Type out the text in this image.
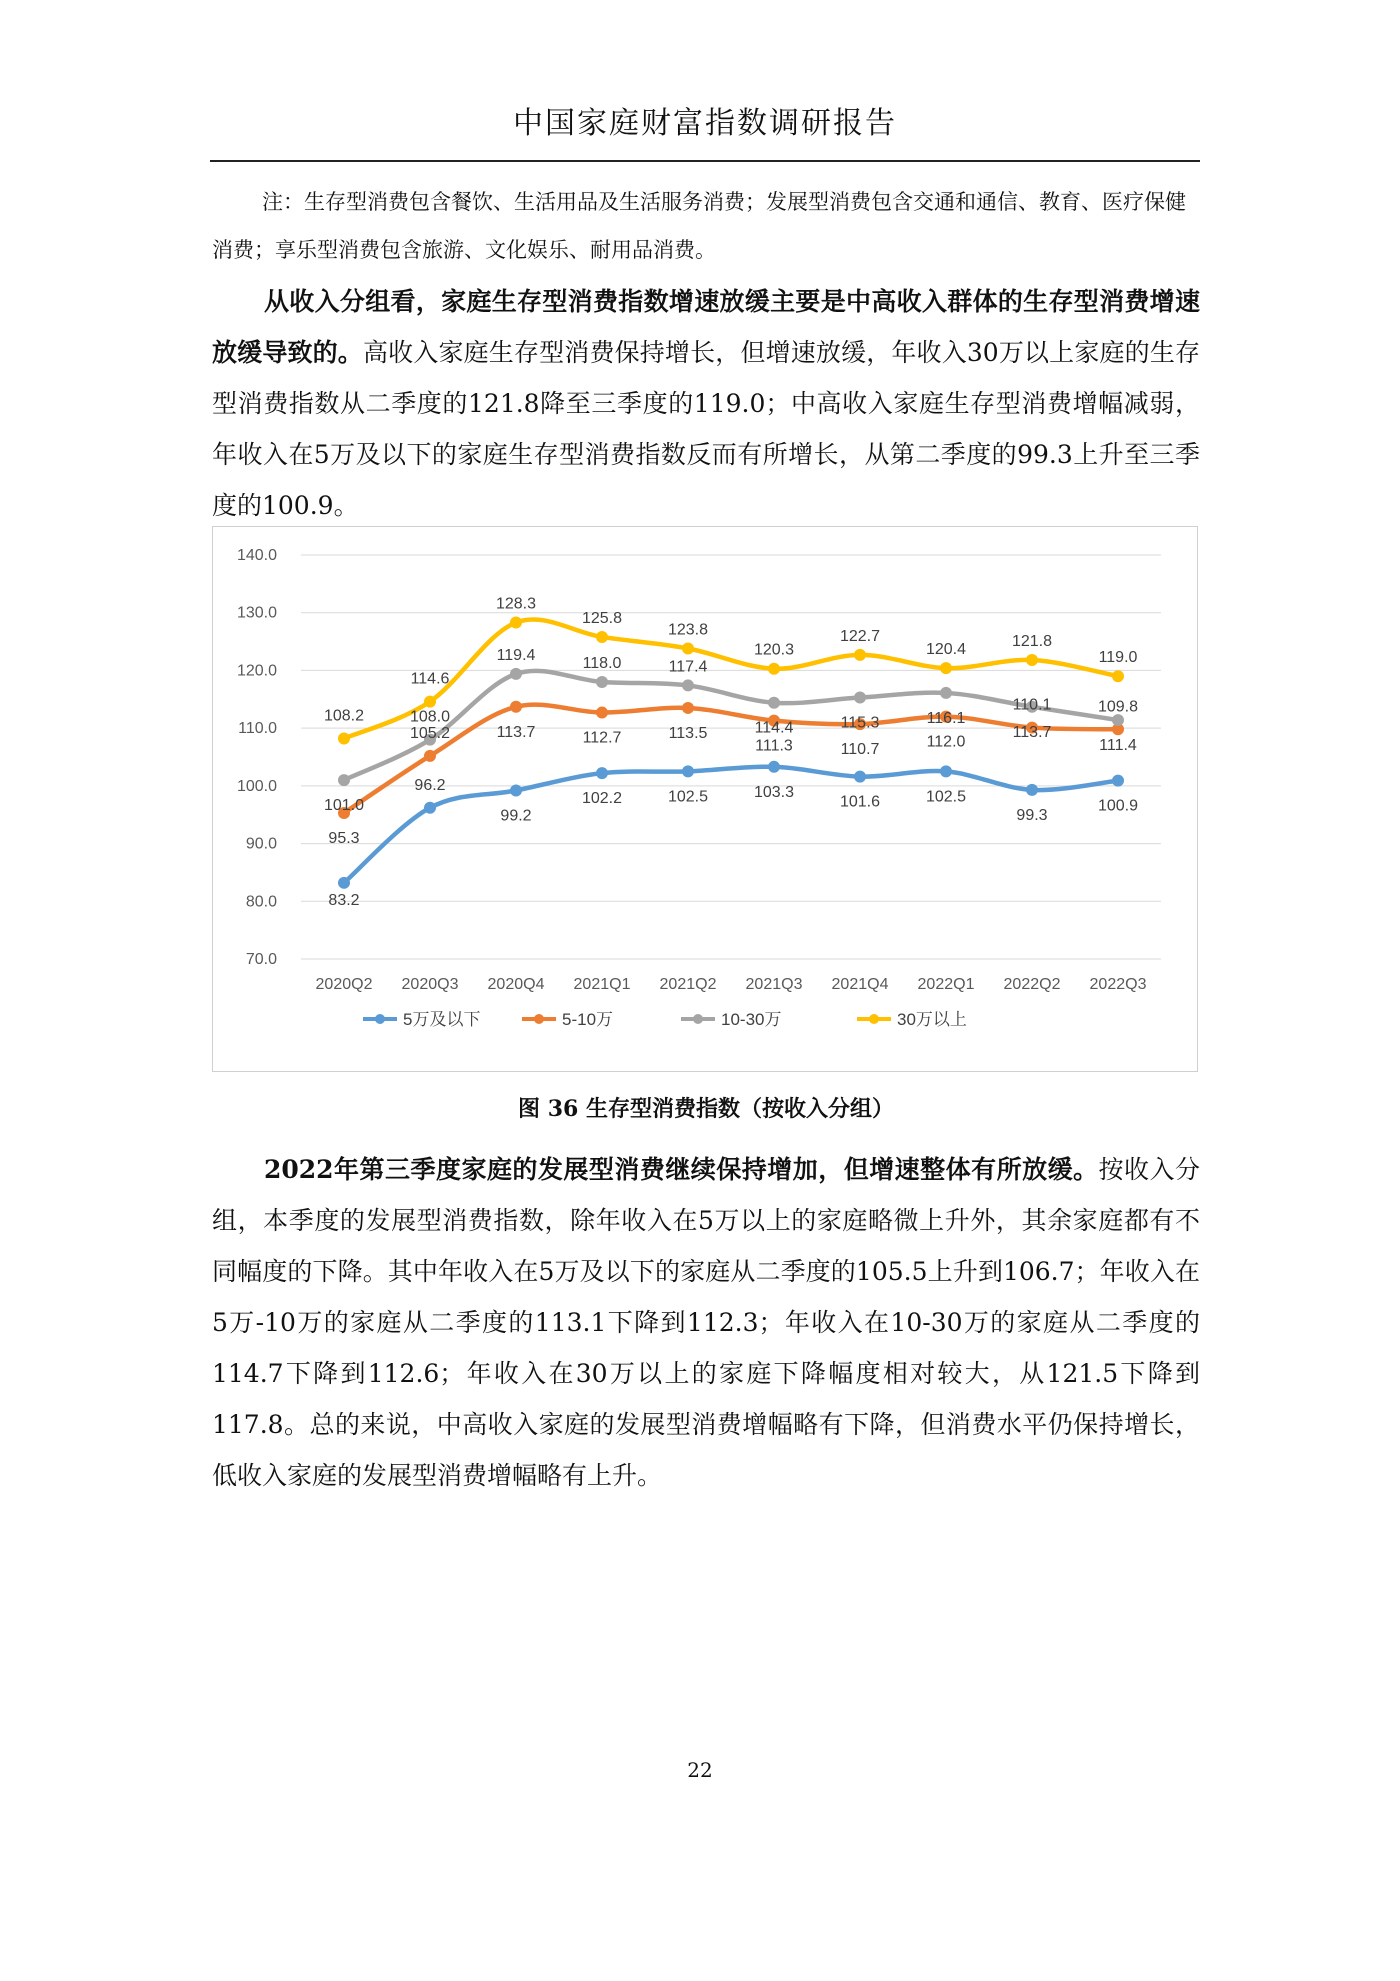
中国家庭财富指数调研报告

注：生存型消费包含餐饮、生活用品及生活服务消费；发展型消费包含交通和通信、教育、医疗保健消费；享乐型消费包含旅游、文化娱乐、耐用品消费。

从收入分组看，家庭生存型消费指数增速放缓主要是中高收入群体的生存型消费增速放缓导致的。高收入家庭生存型消费保持增长，但增速放缓，年收入30万以上家庭的生存型消费指数从二季度的121.8降至三季度的119.0；中高收入家庭生存型消费增幅减弱，年收入在5万及以下的家庭生存型消费指数反而有所增长，从第二季度的99.3上升至三季度的100.9。

70.0
80.0
90.0
100.0
110.0
120.0
130.0
140.0
2020Q2 2020Q3 2020Q4 2021Q1 2021Q2 2021Q3 2021Q4 2022Q1 2022Q2 2022Q3
83.2
96.2
99.2
102.2	102.5	103.3
101.6	102.5
99.3
100.9
95.3
105.2	113.7	112.7	113.5
111.3	110.7	112.0
110.1	109.8
101.0
108.0
119.4	118.0	117.4
114.4	115.3	116.1
113.7
111.4
108.2
114.6
128.3
125.8
123.8
120.3
122.7
120.4	121.8
119.0
5万及以下	5-10万	10-30万	30万以上
图 36 生存型消费指数（按收入分组）

2022年第三季度家庭的发展型消费继续保持增加，但增速整体有所放缓。按收入分组，本季度的发展型消费指数，除年收入在5万以上的家庭略微上升外，其余家庭都有不同幅度的下降。其中年收入在5万及以下的家庭从二季度的105.5上升到106.7；年收入在5万-10万的家庭从二季度的113.1下降到112.3；年收入在10-30万的家庭从二季度的114.7下降到112.6；年收入在30万以上的家庭下降幅度相对较大，从121.5下降到117.8。总的来说，中高收入家庭的发展型消费增幅略有下降，但消费水平仍保持增长，低收入家庭的发展型消费增幅略有上升。

22
